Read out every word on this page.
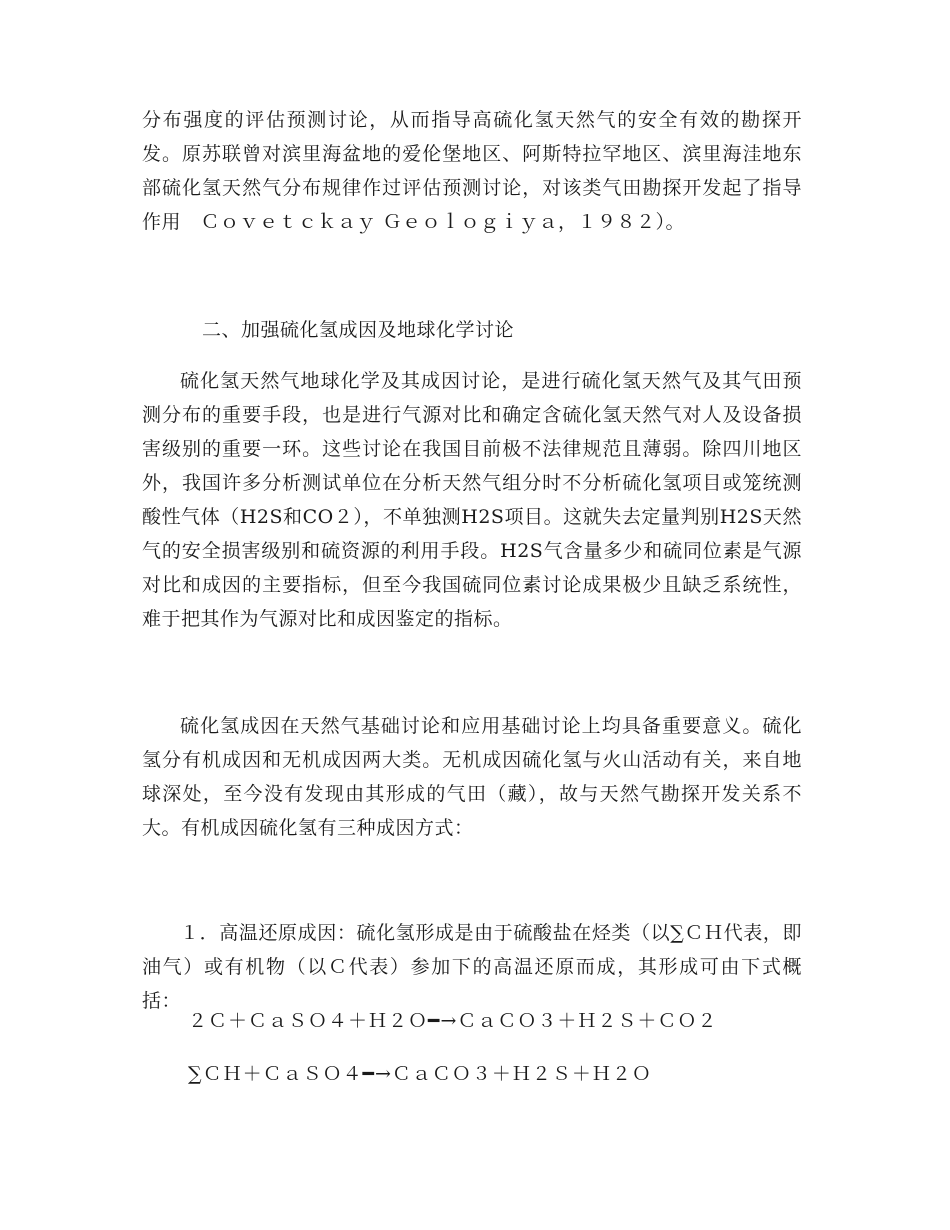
分布强度的评估预测讨论，从而指导高硫化氢天然气的安全有效的勘探开发。原苏联曾对滨里海盆地的爱伦堡地区、阿斯特拉罕地区、滨里海洼地东部硫化氢天然气分布规律作过评估预测讨论，对该类气田勘探开发起了指导作用　Ｃｏｖｅｔｃｋａｙ Ｇｅｏｌｏｇｉｙａ，１９８２）。

二、加强硫化氢成因及地球化学讨论

硫化氢天然气地球化学及其成因讨论，是进行硫化氢天然气及其气田预测分布的重要手段，也是进行气源对比和确定含硫化氢天然气对人及设备损害级别的重要一环。这些讨论在我国目前极不法律规范且薄弱。除四川地区外，我国许多分析测试单位在分析天然气组分时不分析硫化氢项目或笼统测酸性气体（H2S和CO２），不单独测H2S项目。这就失去定量判别H2S天然气的安全损害级别和硫资源的利用手段。H2S气含量多少和硫同位素是气源对比和成因的主要指标，但至今我国硫同位素讨论成果极少且缺乏系统性，难于把其作为气源对比和成因鉴定的指标。

硫化氢成因在天然气基础讨论和应用基础讨论上均具备重要意义。硫化氢分有机成因和无机成因两大类。无机成因硫化氢与火山活动有关，来自地球深处，至今没有发现由其形成的气田（藏），故与天然气勘探开发关系不大。有机成因硫化氢有三种成因方式：

１．高温还原成因：硫化氢形成是由于硫酸盐在烃类（以∑ＣＨ代表，即油气）或有机物（以Ｃ代表）参加下的高温还原而成，其形成可由下式概括：

２Ｃ＋ＣａＳＯ４＋Ｈ２Ｏ━→ＣａＣＯ３＋Ｈ２Ｓ＋ＣＯ２

∑ＣＨ＋ＣａＳＯ４━→ＣａＣＯ３＋Ｈ２Ｓ＋Ｈ２Ｏ
